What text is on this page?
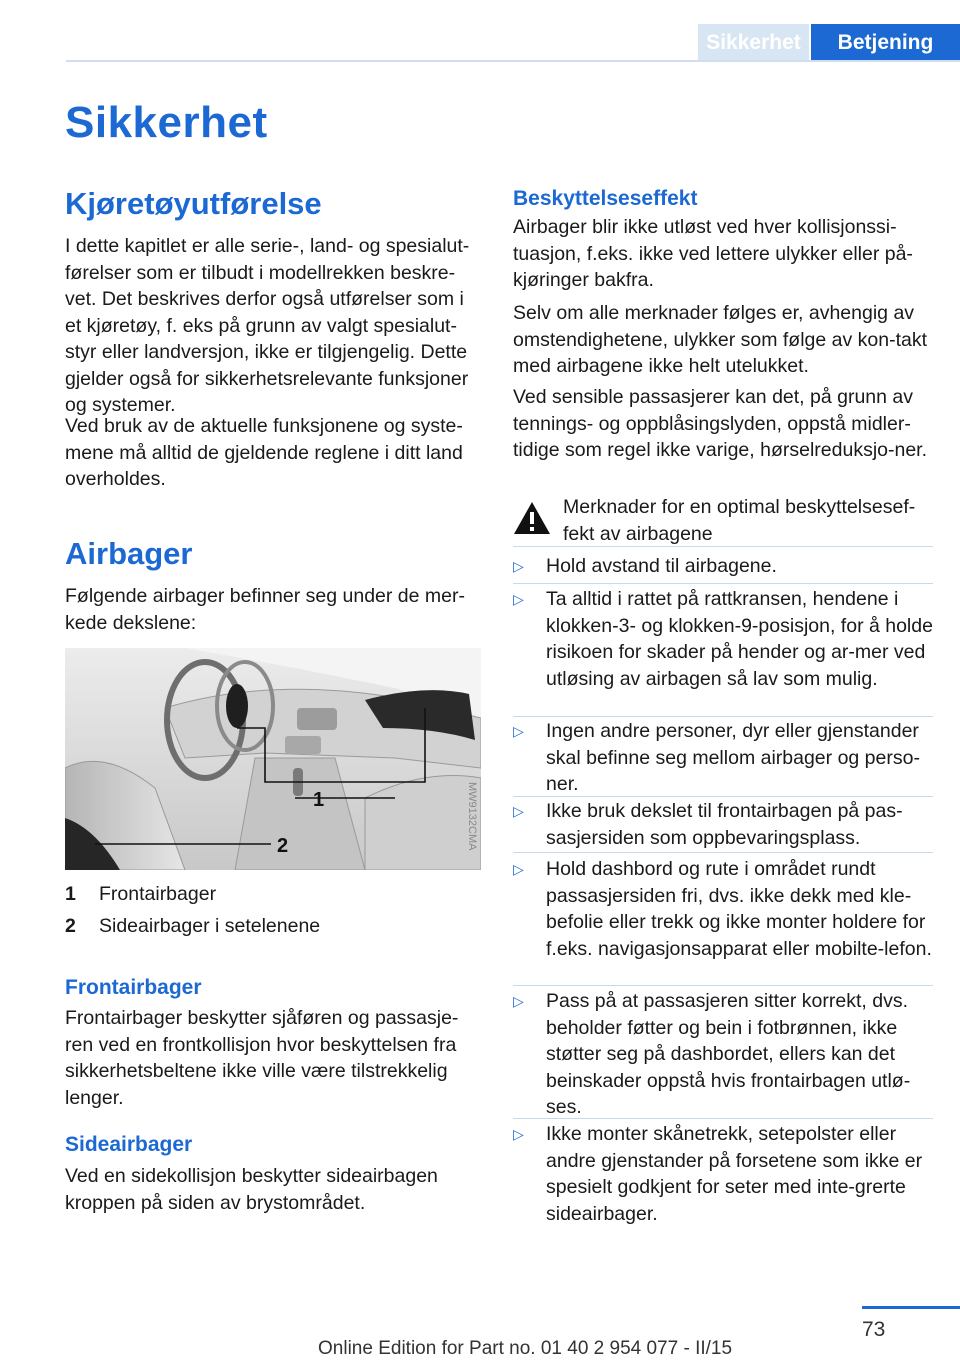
Sikkerhet	Betjening
Sikkerhet
Kjøretøyutførelse

I dette kapitlet er alle serie-, land- og spesialut-førelser som er tilbudt i modellrekken beskre-vet. Det beskrives derfor også utførelser som i et kjøretøy, f. eks på grunn av valgt spesialut-styr eller landversjon, ikke er tilgjengelig. Dette gjelder også for sikkerhetsrelevante funksjoner og systemer.

Ved bruk av de aktuelle funksjonene og syste-mene må alltid de gjeldende reglene i ditt land overholdes.

Airbager

Følgende airbager befinner seg under de mer-kede dekslene:

1
2	MW9132CMA
1 Frontairbager
2 Sideairbager i setelenene
Frontairbager

Frontairbager beskytter sjåføren og passasje-ren ved en frontkollisjon hvor beskyttelsen fra sikkerhetsbeltene ikke ville være tilstrekkelig lenger.

Sideairbager

Ved en sidekollisjon beskytter sideairbagen kroppen på siden av brystområdet.

Beskyttelseseffekt

Airbager blir ikke utløst ved hver kollisjonssi-tuasjon, f.eks. ikke ved lettere ulykker eller på-kjøringer bakfra.

Selv om alle merknader følges er, avhengig av omstendighetene, ulykker som følge av kon-takt med airbagene ikke helt utelukket.

Ved sensible passasjerer kan det, på grunn av tennings- og oppblåsingslyden, oppstå midler-tidige som regel ikke varige, hørselreduksjo-ner.

Merknader for en optimal beskyttelsesef-fekt av airbagene

▷ Hold avstand til airbagene.
▷ Ta alltid i rattet på rattkransen, hendene i klokken-3- og klokken-9-posisjon, for å holde risikoen for skader på hender og ar-mer ved utløsing av airbagen så lav som mulig.
▷ Ingen andre personer, dyr eller gjenstander skal befinne seg mellom airbager og perso-ner.
▷ Ikke bruk dekslet til frontairbagen på pas-sasjersiden som oppbevaringsplass.
▷ Hold dashbord og rute i området rundt passasjersiden fri, dvs. ikke dekk med kle-befolie eller trekk og ikke monter holdere for f.eks. navigasjonsapparat eller mobilte-lefon.
▷ Pass på at passasjeren sitter korrekt, dvs. beholder føtter og bein i fotbrønnen, ikke støtter seg på dashbordet, ellers kan det beinskader oppstå hvis frontairbagen utlø-ses.
▷ Ikke monter skånetrekk, setepolster eller andre gjenstander på forsetene som ikke er spesielt godkjent for seter med inte-grerte sideairbager.
73
Online Edition for Part no. 01 40 2 954 077 - II/15
